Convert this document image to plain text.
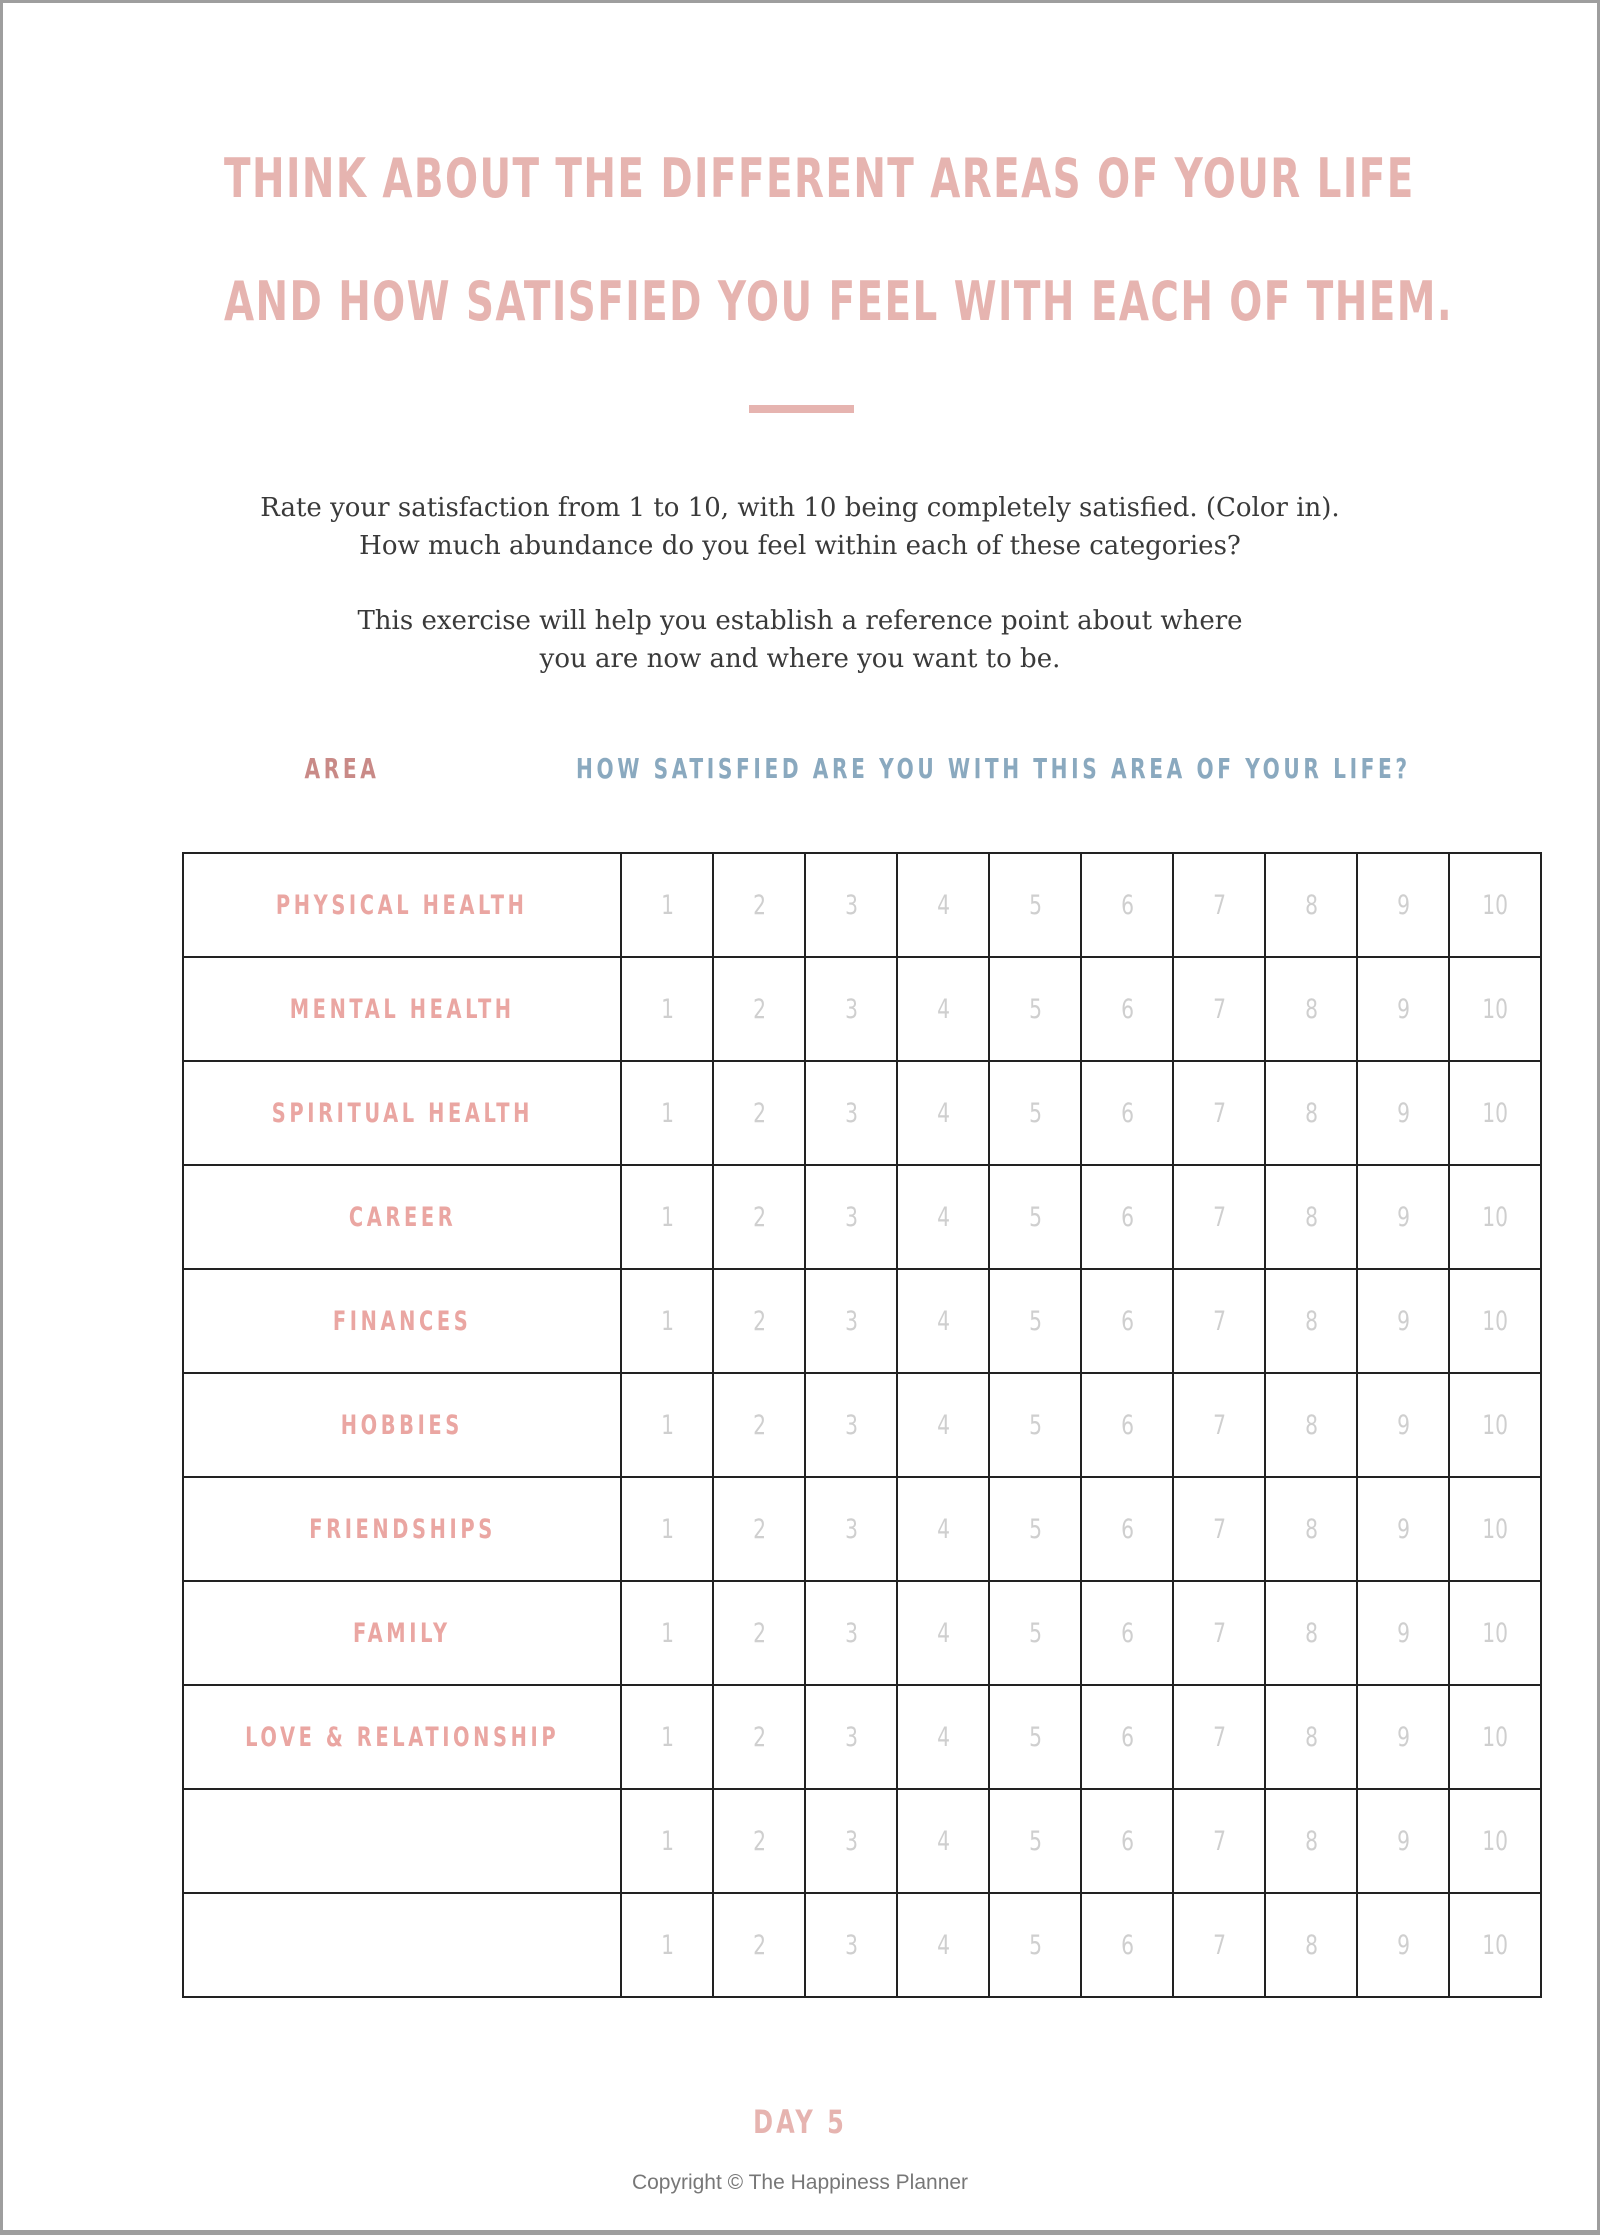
THINK ABOUT THE DIFFERENT AREAS OF YOUR LIFE
AND HOW SATISFIED YOU FEEL WITH EACH OF THEM.
Rate your satisfaction from 1 to 10, with 10 being completely satisfied. (Color in).
How much abundance do you feel within each of these categories?
This exercise will help you establish a reference point about where
you are now and where you want to be.
AREA	HOW SATISFIED ARE YOU WITH THIS AREA OF YOUR LIFE?
PHYSICAL HEALTH	1	2	3	4	5	6	7	8	9	10
MENTAL HEALTH	1	2	3	4	5	6	7	8	9	10
SPIRITUAL HEALTH	1	2	3	4	5	6	7	8	9	10
CAREER	1	2	3	4	5	6	7	8	9	10
FINANCES	1	2	3	4	5	6	7	8	9	10
HOBBIES	1	2	3	4	5	6	7	8	9	10
FRIENDSHIPS	1	2	3	4	5	6	7	8	9	10
FAMILY	1	2	3	4	5	6	7	8	9	10
LOVE & RELATIONSHIP	1	2	3	4	5	6	7	8	9	10
	1	2	3	4	5	6	7	8	9	10
	1	2	3	4	5	6	7	8	9	10
DAY 5
Copyright © The Happiness Planner
